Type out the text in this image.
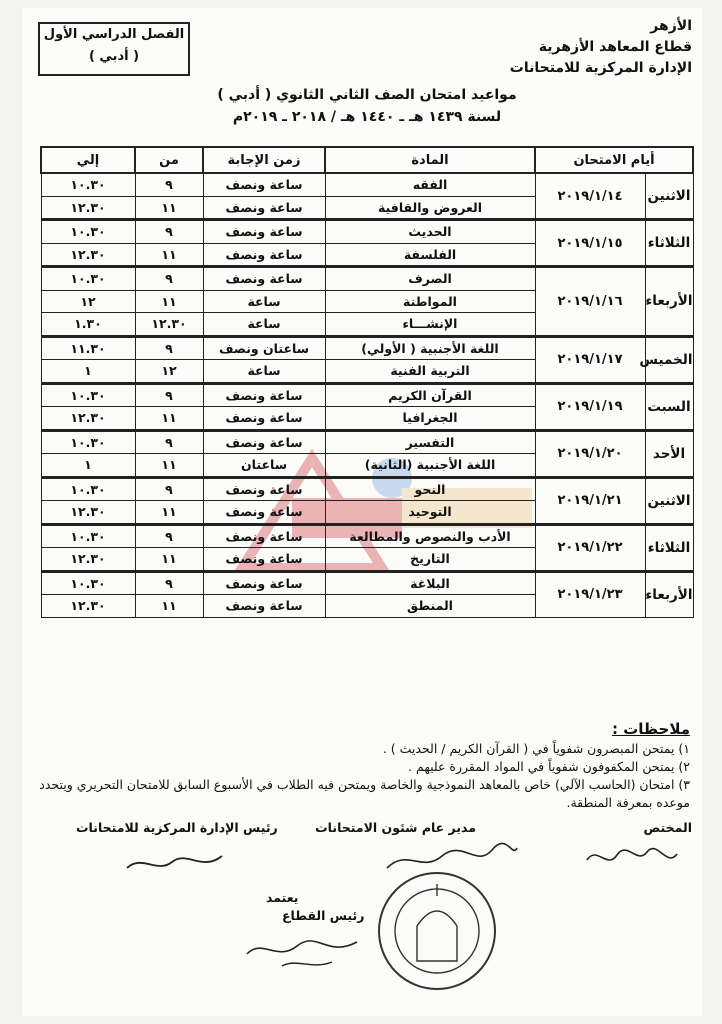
الأزهر
قطاع المعاهد الأزهرية
الإدارة المركزية للامتحانات
الفصل الدراسي الأول
( أدبي )
مواعيد امتحان الصف الثاني الثانوي ( أدبي )
لسنة ١٤٣٩ هـ ـ ١٤٤٠ هـ / ٢٠١٨ ـ ٢٠١٩م
أيام الامتحان		المادة	زمن الإجابة	من	إلي
الاثنين	٢٠١٩/١/١٤	الفقه	ساعة ونصف	٩	١٠.٣٠
		العروض والقافية	ساعة ونصف	١١	١٢.٣٠
الثلاثاء	٢٠١٩/١/١٥	الحديث	ساعة ونصف	٩	١٠.٣٠
		الفلسفة	ساعة ونصف	١١	١٢.٣٠
الأربعاء	٢٠١٩/١/١٦	الصرف	ساعة ونصف	٩	١٠.٣٠
		المواطنة	ساعة	١١	١٢
		الإنشـــاء	ساعة	١٢.٣٠	١.٣٠
الخميس	٢٠١٩/١/١٧	اللغة الأجنبية ( الأولي)	ساعتان ونصف	٩	١١.٣٠
		التربية الفنية	ساعة	١٢	١
السبت	٢٠١٩/١/١٩	القرآن الكريم	ساعة ونصف	٩	١٠.٣٠
		الجغرافيا	ساعة ونصف	١١	١٢.٣٠
الأحد	٢٠١٩/١/٢٠	التفسير	ساعة ونصف	٩	١٠.٣٠
		اللغة الأجنبية (الثانية)	ساعتان	١١	١
الاثنين	٢٠١٩/١/٢١	النحو	ساعة ونصف	٩	١٠.٣٠
		التوحيد	ساعة ونصف	١١	١٢.٣٠
الثلاثاء	٢٠١٩/١/٢٢	الأدب والنصوص والمطالعة	ساعة ونصف	٩	١٠.٣٠
		التاريخ	ساعة ونصف	١١	١٢.٣٠
الأربعاء	٢٠١٩/١/٢٣	البلاغة	ساعة ونصف	٩	١٠.٣٠
		المنطق	ساعة ونصف	١١	١٢.٣٠
ملاحظات :

١) يمتحن المبصرون شفوياً في ( القرآن الكريم / الحديث ) .

٢) يمتحن المكفوفون شفوياً في المواد المقررة عليهم .

٣) امتحان (الحاسب الآلي) خاص بالمعاهد النموذجية والخاصة ويمتحن فيه الطلاب في الأسبوع السابق للامتحان التحريري ويتحدد موعده بمعرفة المنطقة.

المختص
مدير عام شئون الامتحانات
رئيس الإدارة المركزية للامتحانات
يعتمد
رئيس القطاع
